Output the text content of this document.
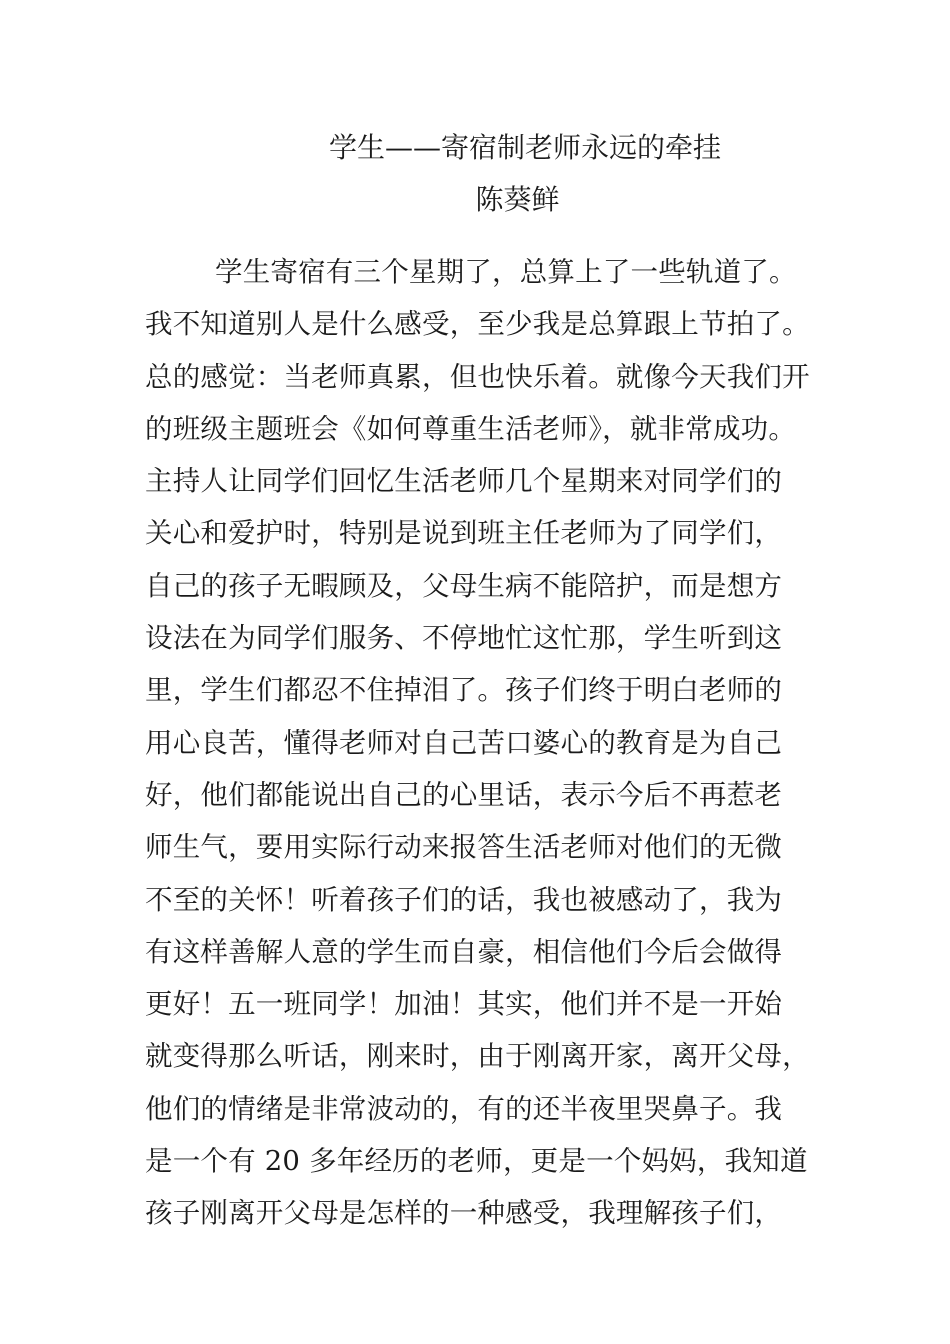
学生——寄宿制老师永远的牵挂
陈葵鲜
学生寄宿有三个星期了，总算上了一些轨道了。
我不知道别人是什么感受，至少我是总算跟上节拍了。
总的感觉：当老师真累，但也快乐着。就像今天我们开
的班级主题班会《如何尊重生活老师》，就非常成功。
主持人让同学们回忆生活老师几个星期来对同学们的
关心和爱护时，特别是说到班主任老师为了同学们，
自己的孩子无暇顾及，父母生病不能陪护，而是想方
设法在为同学们服务、不停地忙这忙那，学生听到这
里，学生们都忍不住掉泪了。孩子们终于明白老师的
用心良苦，懂得老师对自己苦口婆心的教育是为自己
好，他们都能说出自己的心里话，表示今后不再惹老
师生气，要用实际行动来报答生活老师对他们的无微
不至的关怀！听着孩子们的话，我也被感动了，我为
有这样善解人意的学生而自豪，相信他们今后会做得
更好！五一班同学！加油！其实，他们并不是一开始
就变得那么听话，刚来时，由于刚离开家，离开父母，
他们的情绪是非常波动的，有的还半夜里哭鼻子。我
是一个有 20 多年经历的老师，更是一个妈妈，我知道
孩子刚离开父母是怎样的一种感受，我理解孩子们，
